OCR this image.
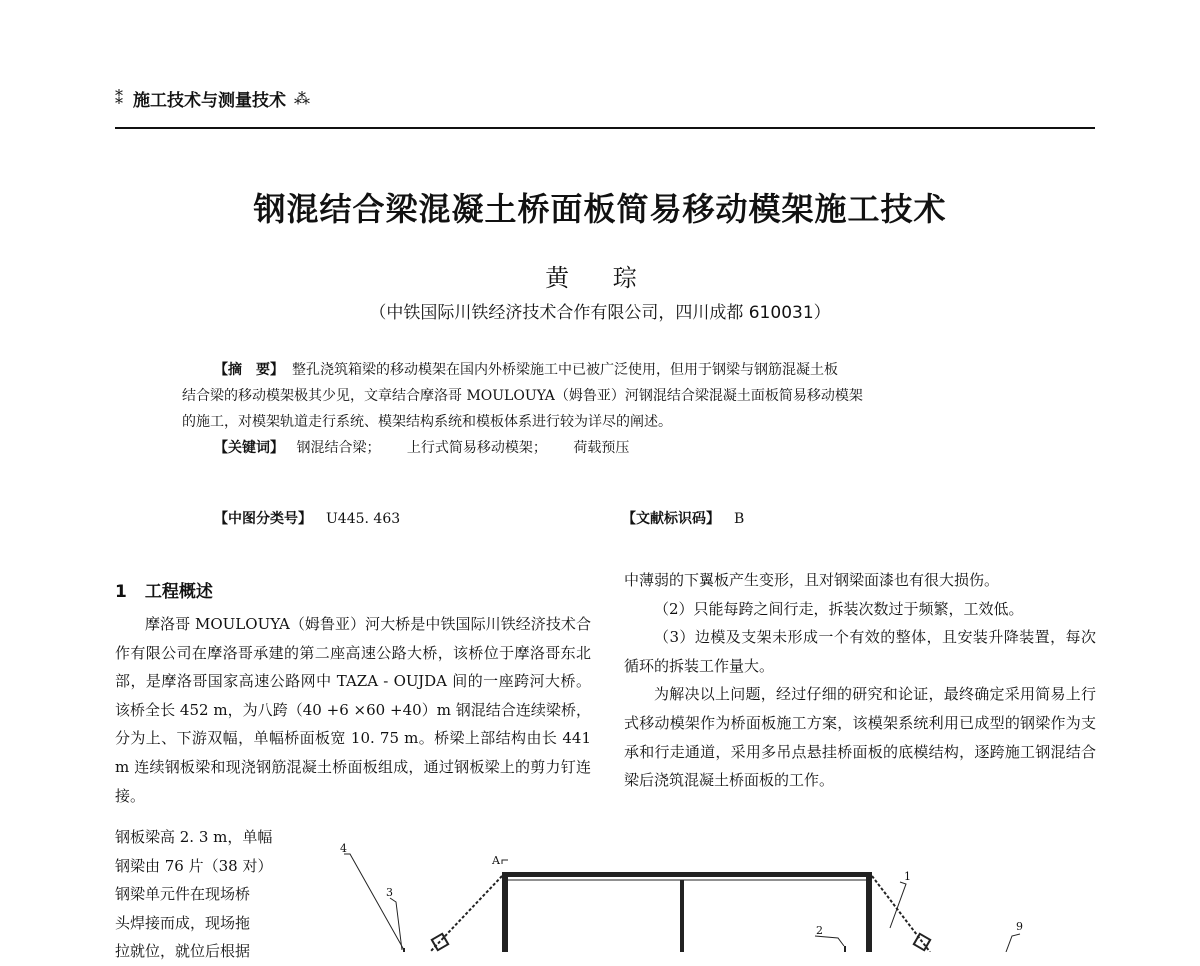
⁑ 施工技术与测量技术 ⁂
钢混结合梁混凝土桥面板简易移动模架施工技术
黄 琮
（中铁国际川铁经济技术合作有限公司，四川成都 610031）

【摘　要】 整孔浇筑箱梁的移动模架在国内外桥梁施工中已被广泛使用，但用于钢梁与钢筋混凝土板

结合梁的移动模架极其少见，文章结合摩洛哥 MOULOUYA（姆鲁亚）河钢混结合梁混凝土面板简易移动模架

的施工，对模架轨道走行系统、模架结构系统和模板体系进行较为详尽的阐述。

【关键词】 钢混结合梁； 上行式简易移动模架； 荷载预压

【中图分类号】 U445. 463	【文献标识码】 B
1 工程概述

摩洛哥 MOULOUYA（姆鲁亚）河大桥是中铁国际川铁经济技术合作有限公司在摩洛哥承建的第二座高速公路大桥，该桥位于摩洛哥东北部，是摩洛哥国家高速公路网中 TAZA - OUJDA 间的一座跨河大桥。该桥全长 452 m，为八跨（40 +6 ×60 +40）m 钢混结合连续梁桥，分为上、下游双幅，单幅桥面板宽 10. 75 m。桥梁上部结构由长 441 m 连续钢板梁和现浇钢筋混凝土桥面板组成，通过钢板梁上的剪力钉连接。

钢板梁高 2. 3 m，单幅

钢梁由 76 片（38 对）

钢梁单元件在现场桥

头焊接而成，现场拖

拉就位，就位后根据

中薄弱的下翼板产生变形，且对钢梁面漆也有很大损伤。

（2）只能每跨之间行走，拆装次数过于频繁，工效低。

（3）边模及支架未形成一个有效的整体，且安装升降装置，每次循环的拆装工作量大。

为解决以上问题，经过仔细的研究和论证，最终确定采用简易上行式移动模架作为桥面板施工方案，该模架系统利用已成型的钢梁作为支承和行走通道，采用多吊点悬挂桥面板的底模结构，逐跨施工钢混结合梁后浇筑混凝土桥面板的工作。

4
3
A
1
2	9
